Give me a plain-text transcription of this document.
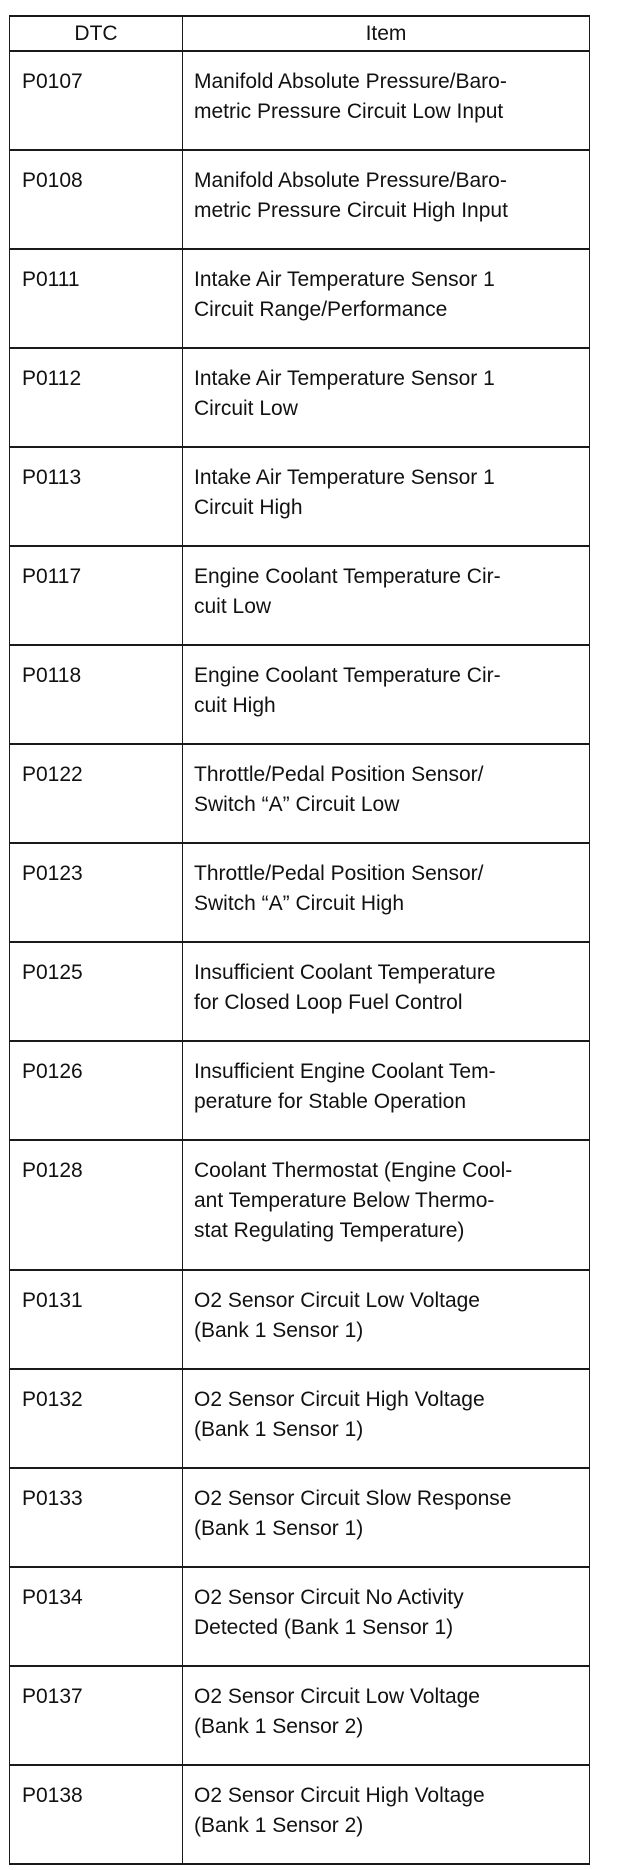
DTC	Item
P0107	Manifold Absolute Pressure/Baro-
metric Pressure Circuit Low Input
P0108	Manifold Absolute Pressure/Baro-
metric Pressure Circuit High Input
P0111	Intake Air Temperature Sensor 1
Circuit Range/Performance
P0112	Intake Air Temperature Sensor 1
Circuit Low
P0113	Intake Air Temperature Sensor 1
Circuit High
P0117	Engine Coolant Temperature Cir-
cuit Low
P0118	Engine Coolant Temperature Cir-
cuit High
P0122	Throttle/Pedal Position Sensor/
Switch “A” Circuit Low
P0123	Throttle/Pedal Position Sensor/
Switch “A” Circuit High
P0125	Insufficient Coolant Temperature
for Closed Loop Fuel Control
P0126	Insufficient Engine Coolant Tem-
perature for Stable Operation
P0128	Coolant Thermostat (Engine Cool-
ant Temperature Below Thermo-
stat Regulating Temperature)
P0131	O2 Sensor Circuit Low Voltage
(Bank 1 Sensor 1)
P0132	O2 Sensor Circuit High Voltage
(Bank 1 Sensor 1)
P0133	O2 Sensor Circuit Slow Response
(Bank 1 Sensor 1)
P0134	O2 Sensor Circuit No Activity
Detected (Bank 1 Sensor 1)
P0137	O2 Sensor Circuit Low Voltage
(Bank 1 Sensor 2)
P0138	O2 Sensor Circuit High Voltage
(Bank 1 Sensor 2)
